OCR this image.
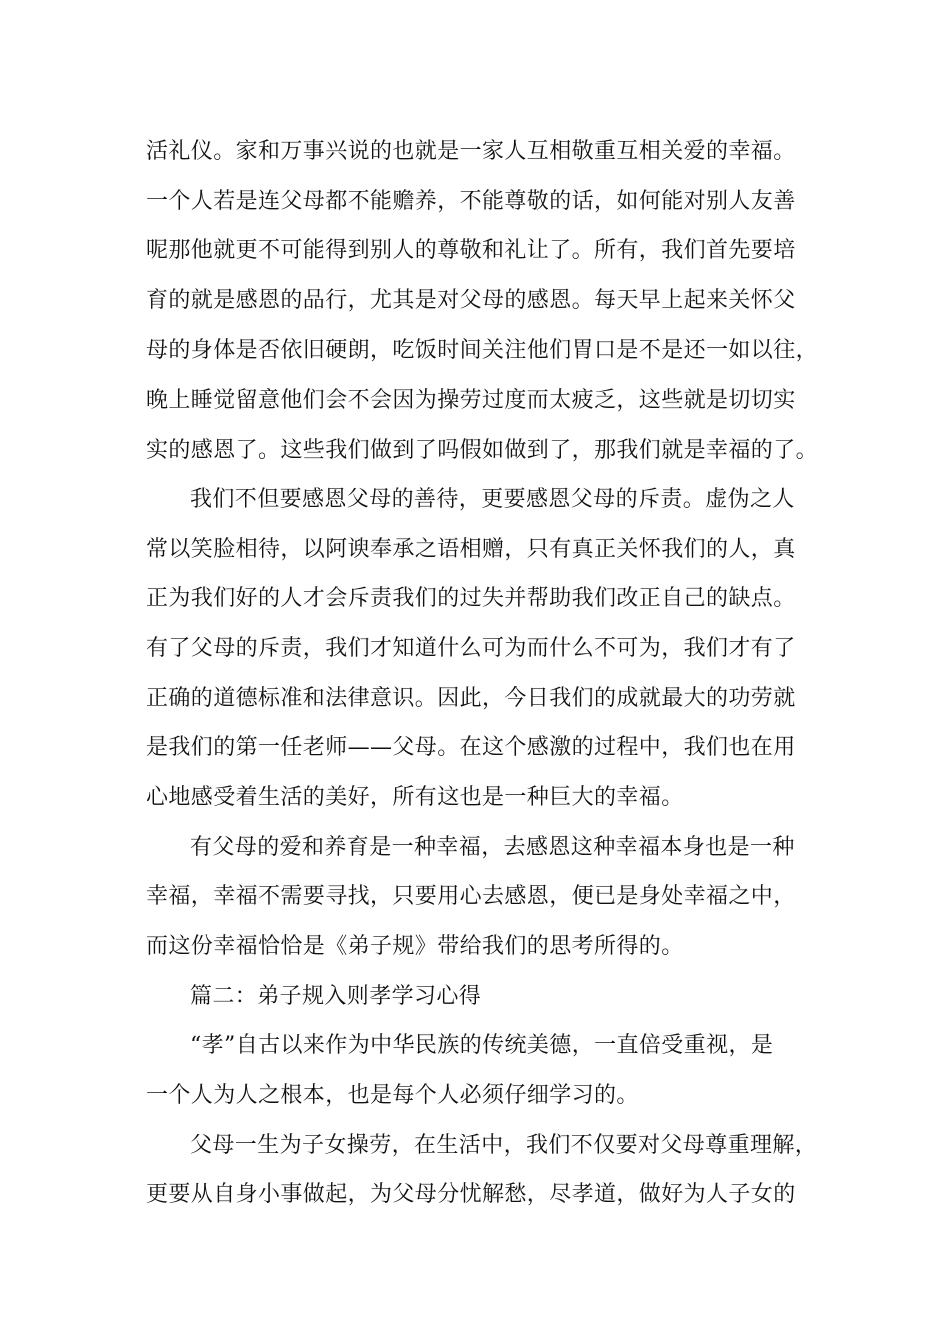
活礼仪。家和万事兴说的也就是一家人互相敬重互相关爱的幸福。
一个人若是连父母都不能赡养，不能尊敬的话，如何能对别人友善
呢那他就更不可能得到别人的尊敬和礼让了。所有，我们首先要培
育的就是感恩的品行，尤其是对父母的感恩。每天早上起来关怀父
母的身体是否依旧硬朗，吃饭时间关注他们胃口是不是还一如以往，
晚上睡觉留意他们会不会因为操劳过度而太疲乏，这些就是切切实
实的感恩了。这些我们做到了吗假如做到了，那我们就是幸福的了。
我们不但要感恩父母的善待，更要感恩父母的斥责。虚伪之人
常以笑脸相待，以阿谀奉承之语相赠，只有真正关怀我们的人，真
正为我们好的人才会斥责我们的过失并帮助我们改正自己的缺点。
有了父母的斥责，我们才知道什么可为而什么不可为，我们才有了
正确的道德标准和法律意识。因此，今日我们的成就最大的功劳就
是我们的第一任老师——父母。在这个感激的过程中，我们也在用
心地感受着生活的美好，所有这也是一种巨大的幸福。
有父母的爱和养育是一种幸福，去感恩这种幸福本身也是一种
幸福，幸福不需要寻找，只要用心去感恩，便已是身处幸福之中，
而这份幸福恰恰是《弟子规》带给我们的思考所得的。
篇二：弟子规入则孝学习心得
“孝”自古以来作为中华民族的传统美德，一直倍受重视，是
一个人为人之根本，也是每个人必须仔细学习的。
父母一生为子女操劳，在生活中，我们不仅要对父母尊重理解，
更要从自身小事做起，为父母分忧解愁，尽孝道，做好为人子女的
